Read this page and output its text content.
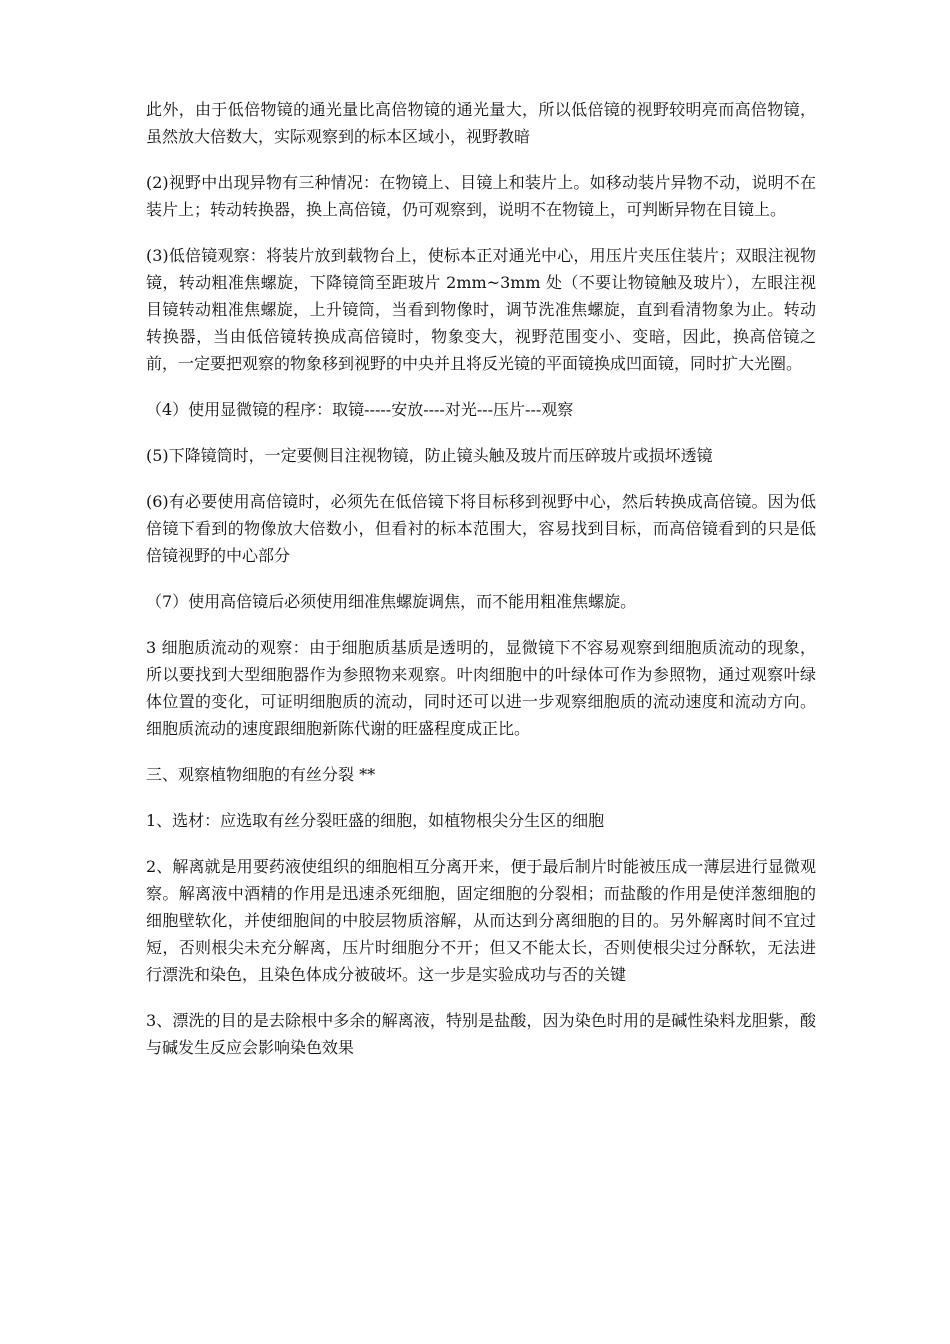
此外，由于低倍物镜的通光量比高倍物镜的通光量大，所以低倍镜的视野较明亮而高倍物镜，虽然放大倍数大，实际观察到的标本区域小，视野教暗

(2)视野中出现异物有三种情况：在物镜上、目镜上和装片上。如移动装片异物不动，说明不在装片上；转动转换器，换上高倍镜，仍可观察到，说明不在物镜上，可判断异物在目镜上。

(3)低倍镜观察：将装片放到载物台上，使标本正对通光中心，用压片夹压住装片；双眼注视物镜，转动粗准焦螺旋，下降镜筒至距玻片 2mm~3mm 处（不要让物镜触及玻片），左眼注视目镜转动粗准焦螺旋，上升镜筒，当看到物像时，调节洗准焦螺旋，直到看清物象为止。转动转换器，当由低倍镜转换成高倍镜时，物象变大，视野范围变小、变暗，因此，换高倍镜之前，一定要把观察的物象移到视野的中央并且将反光镜的平面镜换成凹面镜，同时扩大光圈。

（4）使用显微镜的程序：取镜-----安放----对光---压片---观察

(5)下降镜筒时，一定要侧目注视物镜，防止镜头触及玻片而压碎玻片或损坏透镜

(6)有必要使用高倍镜时，必须先在低倍镜下将目标移到视野中心，然后转换成高倍镜。因为低倍镜下看到的物像放大倍数小，但看衬的标本范围大，容易找到目标，而高倍镜看到的只是低倍镜视野的中心部分

（7）使用高倍镜后必须使用细准焦螺旋调焦，而不能用粗准焦螺旋。

3 细胞质流动的观察：由于细胞质基质是透明的，显微镜下不容易观察到细胞质流动的现象，所以要找到大型细胞器作为参照物来观察。叶肉细胞中的叶绿体可作为参照物，通过观察叶绿体位置的变化，可证明细胞质的流动，同时还可以进一步观察细胞质的流动速度和流动方向。细胞质流动的速度跟细胞新陈代谢的旺盛程度成正比。

三、观察植物细胞的有丝分裂 **

1、选材：应选取有丝分裂旺盛的细胞，如植物根尖分生区的细胞

2、解离就是用要药液使组织的细胞相互分离开来，便于最后制片时能被压成一薄层进行显微观察。解离液中酒精的作用是迅速杀死细胞，固定细胞的分裂相；而盐酸的作用是使洋葱细胞的细胞壁软化，并使细胞间的中胶层物质溶解，从而达到分离细胞的目的。另外解离时间不宜过短，否则根尖未充分解离，压片时细胞分不开；但又不能太长，否则使根尖过分酥软，无法进行漂洗和染色，且染色体成分被破坏。这一步是实验成功与否的关键

3、漂洗的目的是去除根中多余的解离液，特别是盐酸，因为染色时用的是碱性染料龙胆紫，酸与碱发生反应会影响染色效果
